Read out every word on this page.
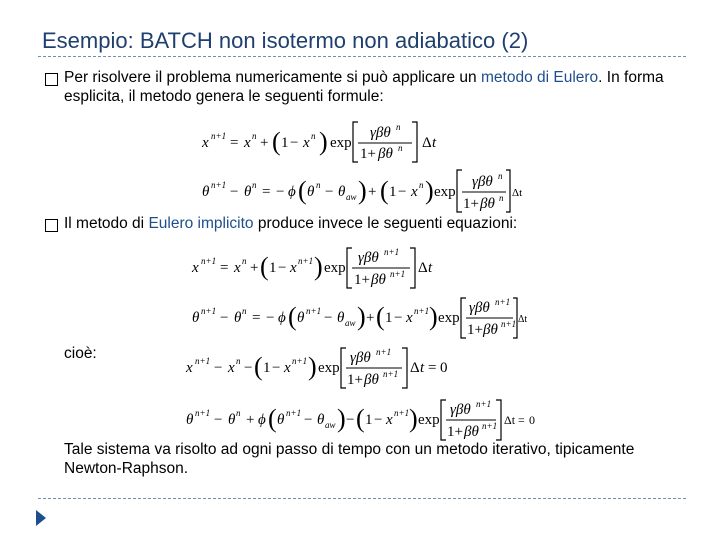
Esempio: BATCH non isotermo non adiabatico (2)
Per risolvere il problema numericamente si può applicare un metodo di Eulero. In forma esplicita, il metodo genera le seguenti formule:
x n+1 = x n + ( 1 − x n ) exp
γβθ n
1+ βθ n Δ t
θ n+1 − θ n = − ϕ ( θ n − θ aw ) + ( 1 − x n ) exp
γβθ n
1+ βθ n Δt
Il metodo di Eulero implicito produce invece le seguenti equazioni:
x n+1 = x n + ( 1 − x n+1 ) exp
γβθ n+1
1+ βθ n+1 Δ t
θ n+1 − θ n = − ϕ ( θ n+1 − θ aw ) + ( 1 − x n+1 ) exp
γβθ n+1
1+ βθ n+1 Δt
cioè:
x n+1 − x n − ( 1 − x n+1 ) exp
γβθ n+1
1+ βθ n+1 Δ t = 0
θ n+1 − θ n + ϕ ( θ n+1 − θ aw ) − ( 1 − x n+1 ) exp
γβθ n+1
1+ βθ n+1 Δt = 0
Tale sistema va risolto ad ogni passo di tempo con un metodo iterativo, tipicamente Newton-Raphson.
